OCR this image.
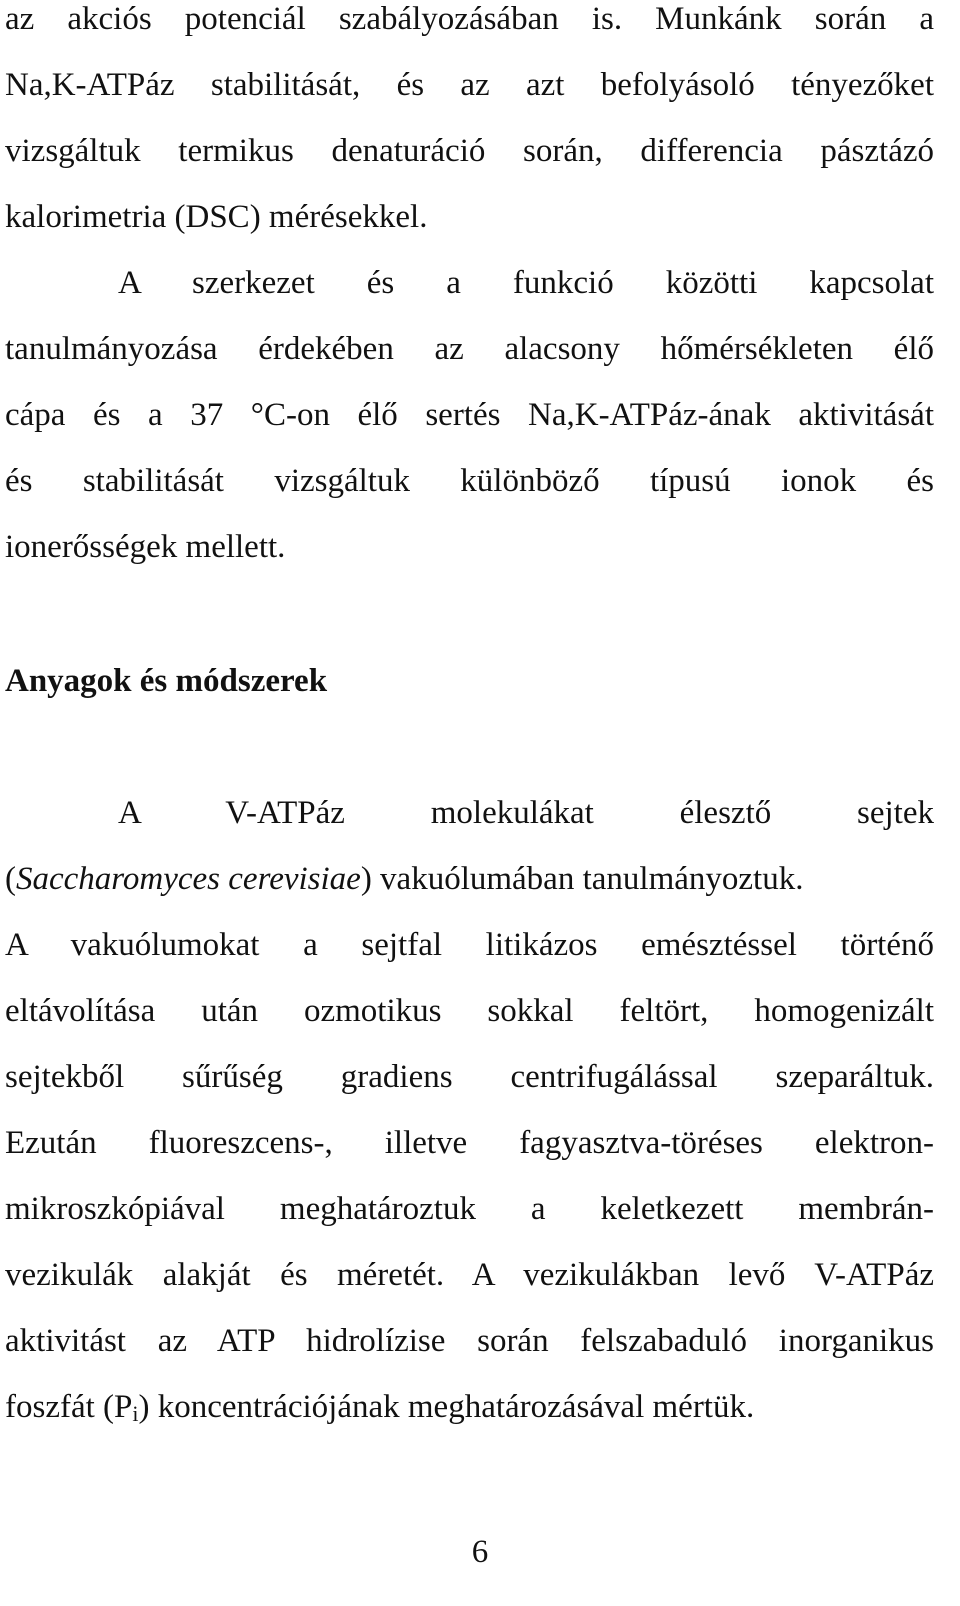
az akciós potenciál szabályozásában is. Munkánk során a
Na,K-ATPáz stabilitását, és az azt befolyásoló tényezőket
vizsgáltuk termikus denaturáció során, differencia pásztázó
kalorimetria (DSC) mérésekkel.
A szerkezet és a funkció közötti kapcsolat
tanulmányozása érdekében az alacsony hőmérsékleten élő
cápa és a 37 °C-on élő sertés Na,K-ATPáz-ának aktivitását
és stabilitását vizsgáltuk különböző típusú ionok és
ionerősségek mellett.
Anyagok és módszerek
A V-ATPáz molekulákat élesztő sejtek
(Saccharomyces cerevisiae) vakuólumában tanulmányoztuk.
A vakuólumokat a sejtfal litikázos emésztéssel történő
eltávolítása után ozmotikus sokkal feltört, homogenizált
sejtekből sűrűség gradiens centrifugálással szeparáltuk.
Ezután fluoreszcens-, illetve fagyasztva-töréses elektron-
mikroszkópiával meghatároztuk a keletkezett membrán-
vezikulák alakját és méretét. A vezikulákban levő V-ATPáz
aktivitást az ATP hidrolízise során felszabaduló inorganikus
foszfát $(P_i)$ koncentrációjának meghatározásával mértük.
6
